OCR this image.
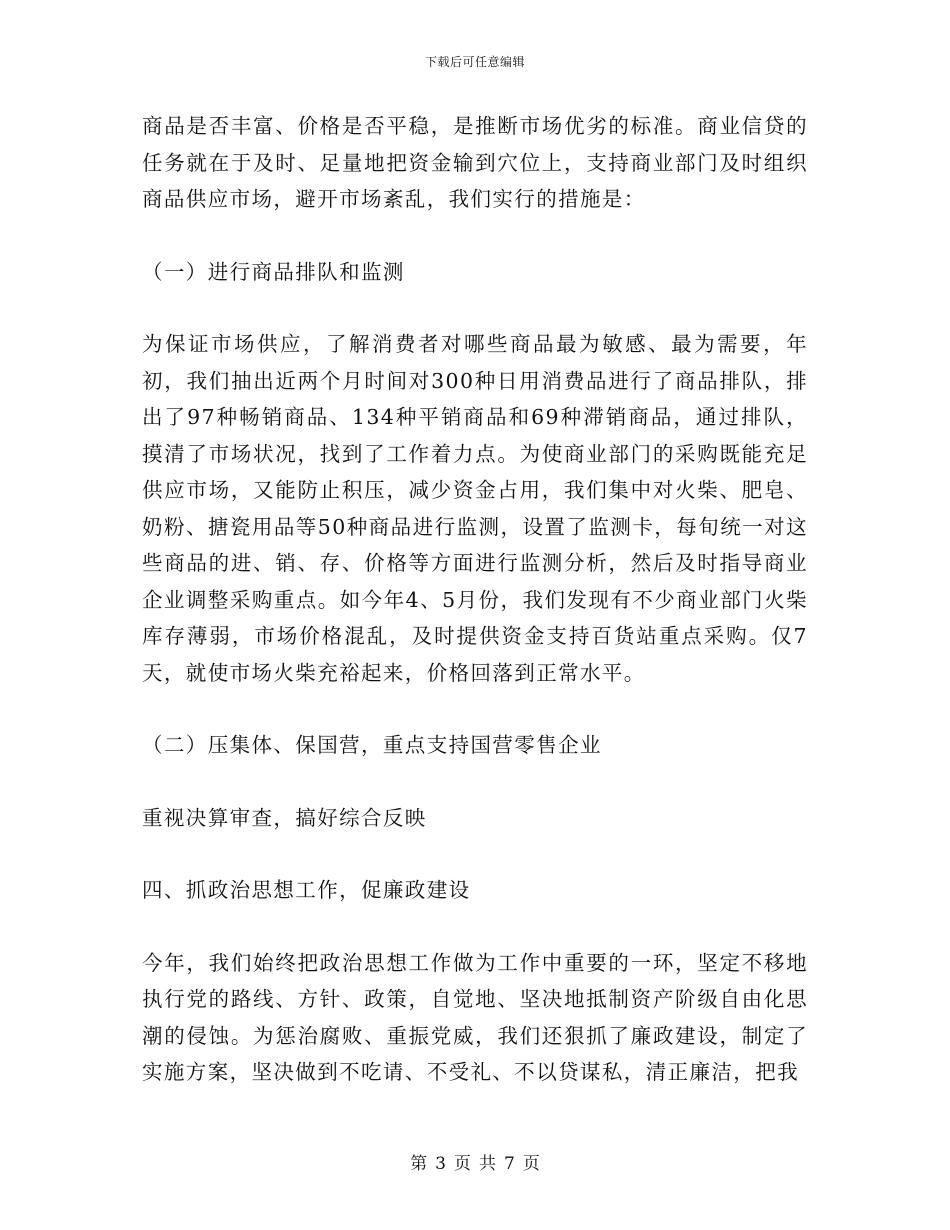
下载后可任意编辑

商品是否丰富、价格是否平稳，是推断市场优劣的标准。商业信贷的任务就在于及时、足量地把资金输到穴位上，支持商业部门及时组织商品供应市场，避开市场紊乱，我们实行的措施是：

（一）进行商品排队和监测

为保证市场供应，了解消费者对哪些商品最为敏感、最为需要，年初，我们抽出近两个月时间对300种日用消费品进行了商品排队，排出了97种畅销商品、134种平销商品和69种滞销商品，通过排队，摸清了市场状况，找到了工作着力点。为使商业部门的采购既能充足供应市场，又能防止积压，减少资金占用，我们集中对火柴、肥皂、奶粉、搪瓷用品等50种商品进行监测，设置了监测卡，每旬统一对这些商品的进、销、存、价格等方面进行监测分析，然后及时指导商业企业调整采购重点。如今年4、5月份，我们发现有不少商业部门火柴库存薄弱，市场价格混乱，及时提供资金支持百货站重点采购。仅7天，就使市场火柴充裕起来，价格回落到正常水平。

（二）压集体、保国营，重点支持国营零售企业

重视决算审查，搞好综合反映

四、抓政治思想工作，促廉政建设

今年，我们始终把政治思想工作做为工作中重要的一环，坚定不移地执行党的路线、方针、政策，自觉地、坚决地抵制资产阶级自由化思潮的侵蚀。为惩治腐败、重振党威，我们还狠抓了廉政建设，制定了实施方案，坚决做到不吃请、不受礼、不以贷谋私，清正廉洁，把我

第 3 页 共 7 页
